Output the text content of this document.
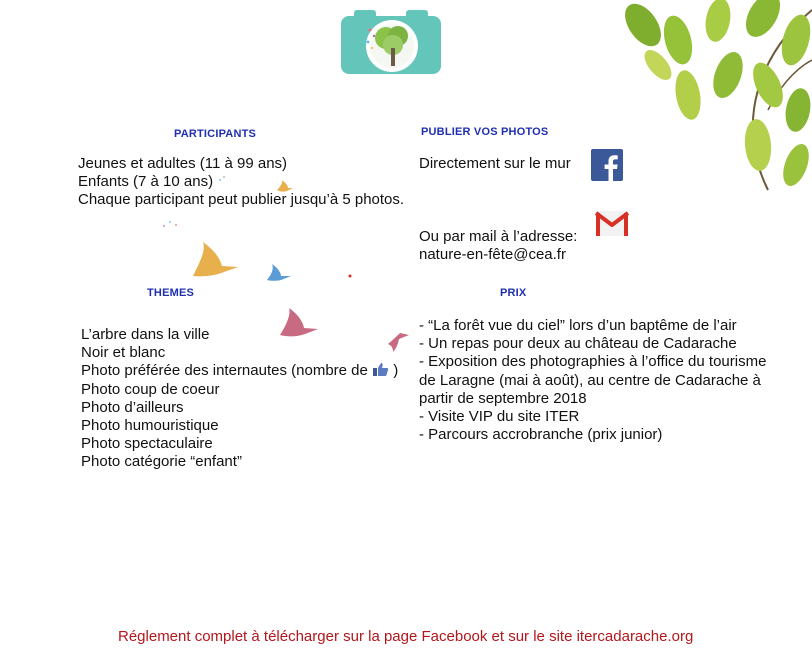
PARTICIPANTS
Jeunes et adultes (11 à 99 ans)
Enfants (7 à 10 ans)
Chaque participant peut publier jusqu’à 5 photos.
PUBLIER VOS PHOTOS
Directement sur le mur
Ou par mail à l’adresse:
nature-en-fête@cea.fr
THEMES
L’arbre dans la ville
Noir et blanc
Photo préférée des internautes (nombre de )
Photo coup de coeur
Photo d’ailleurs
Photo humouristique
Photo spectaculaire
Photo catégorie “enfant”
PRIX
- “La forêt vue du ciel” lors d’un baptême de l’air
- Un repas pour deux au château de Cadarache
- Exposition des photographies à l’office du tourisme
de Laragne (mai à août), au centre de Cadarache à
partir de septembre 2018
- Visite VIP du site ITER
- Parcours accrobranche (prix junior)
Réglement complet à télécharger sur la page Facebook et sur le site itercadarache.org
